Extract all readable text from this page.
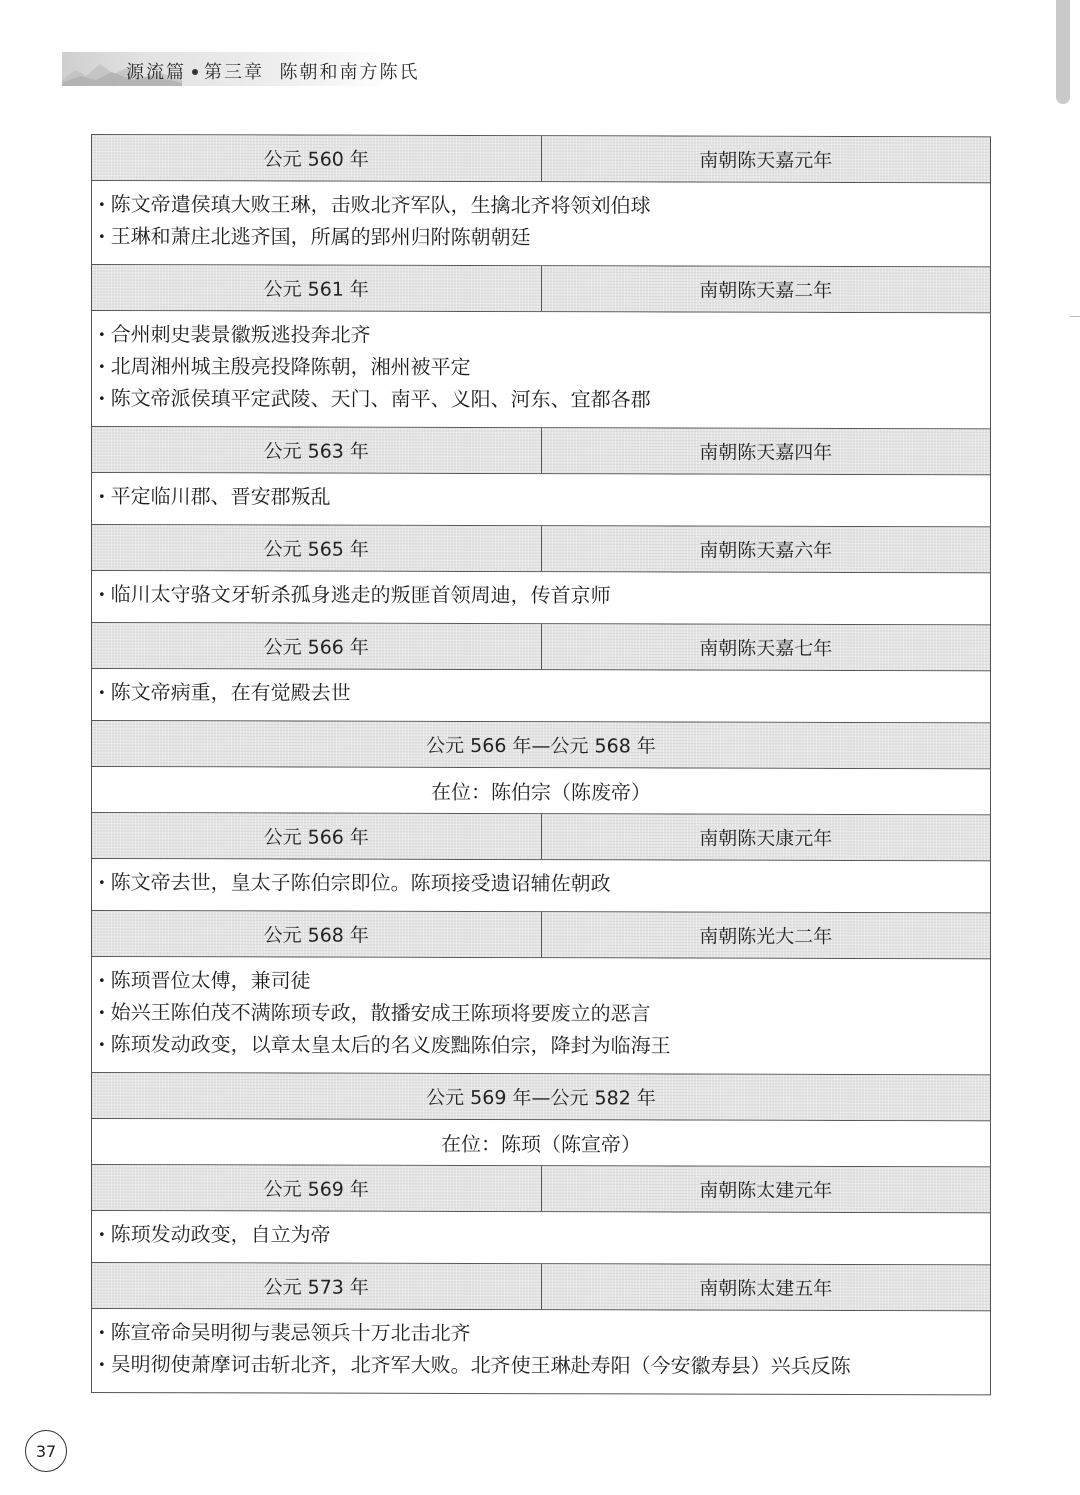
源流篇 第三章 陈朝和南方陈氏
公元 560 年	南朝陈天嘉元年
• 陈文帝遣侯瑱大败王琳，击败北齐军队，生擒北齐将领刘伯球
• 王琳和萧庄北逃齐国，所属的郢州归附陈朝朝廷
公元 561 年	南朝陈天嘉二年
• 合州刺史裴景徽叛逃投奔北齐
• 北周湘州城主殷亮投降陈朝，湘州被平定
• 陈文帝派侯瑱平定武陵、天门、南平、义阳、河东、宜都各郡
公元 563 年	南朝陈天嘉四年
• 平定临川郡、晋安郡叛乱
公元 565 年	南朝陈天嘉六年
• 临川太守骆文牙斩杀孤身逃走的叛匪首领周迪，传首京师
公元 566 年	南朝陈天嘉七年
• 陈文帝病重，在有觉殿去世
公元 566 年—公元 568 年
在位：陈伯宗（陈废帝）
公元 566 年	南朝陈天康元年
• 陈文帝去世，皇太子陈伯宗即位。陈顼接受遗诏辅佐朝政
公元 568 年	南朝陈光大二年
• 陈顼晋位太傅，兼司徒
• 始兴王陈伯茂不满陈顼专政，散播安成王陈顼将要废立的恶言
• 陈顼发动政变，以章太皇太后的名义废黜陈伯宗，降封为临海王
公元 569 年—公元 582 年
在位：陈顼（陈宣帝）
公元 569 年	南朝陈太建元年
• 陈顼发动政变，自立为帝
公元 573 年	南朝陈太建五年
• 陈宣帝命吴明彻与裴忌领兵十万北击北齐
• 吴明彻使萧摩诃击斩北齐，北齐军大败。北齐使王琳赴寿阳（今安徽寿县）兴兵反陈
37
